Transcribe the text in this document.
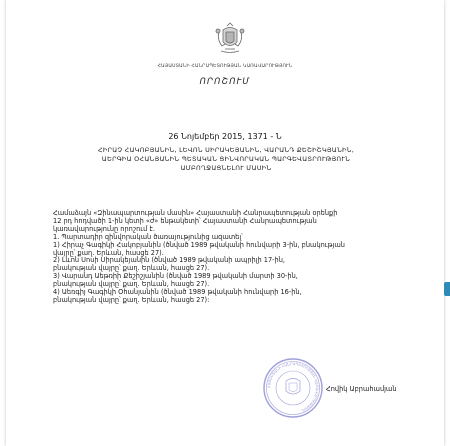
ՀԱՅԱՍՏԱՆԻ ՀԱՆՐԱՊԵՏՈՒԹՅԱՆ ԿԱՌԱՎԱՐՈՒԹՅՈՒՆ
ՈՐՈՇՈՒՄ
26 Նոյեմբեր 2015, 1371 - Ն
ՀԻՐԱՉ ՀԱԿՈԲՅԱՆԻՆ, ԼԵՎՈՆ ՍԻՐԱԿԵՅԱՆԻՆ, ՎԱՐԱՆԴ ՔԵՇԻՇԿՅԱՆԻՆ,
ԱԵՐԳԻԱ ՕՀԱՆՅԱՆԻՆ ՊԵՏԱԿԱՆ ՑԻՆՎՈՐԱԿԱՆ ՊԱՐԳԵՎԱՏՐՈՒԹՅՈՒՆ
ԱՄԲՈՂՋԱՑՆԵԼՈՒ ՄԱՍԻՆ

Համաձայն «Զինապարտության մասին» Հայաստանի Հանրապետության օրենքի

12 րդ հոդվածի 1-ին կետի «ժ» ենթակետի՝ Հայաստանի Հանրապետության

կառավարությունը որոշում է.

1. Պարտադիր զինվորական ծառայությունից ազատել՝

1) Հիրաչ Գագիկի Հակոբյանին (ծնված 1989 թվականի հունվարի 3-ին, բնակության

վայրը՝ քաղ. Երևան, հասցե 27).

2) Լևոն Սոսի Սիրակեյանին (ծնված 1989 թվականի ապրիլի 17-ին,

բնակության վայրը՝ քաղ. Երևան, հասցե 27).

3) Վարանդ Աեթռիի Քեշիշյանին (ծնված 1989 թվականի մարտի 30-ին,

բնակության վայրը՝ քաղ. Երևան, հասցե 27).

4) Աեռգիյ Գագիկի Օհանյանին (ծնված 1989 թվականի հունվարի 16-ին,

բնակության վայրը՝ քաղ. Երևան, հասցե 27):

ՀԱՅԱՍՏԱՆԻ ՀԱՆՐԱՊԵՏՈՒԹՅԱՆ ԿԱՌԱՎԱՐՈՒԹՅՈՒՆ
Հովիկ Աբրահամյան
